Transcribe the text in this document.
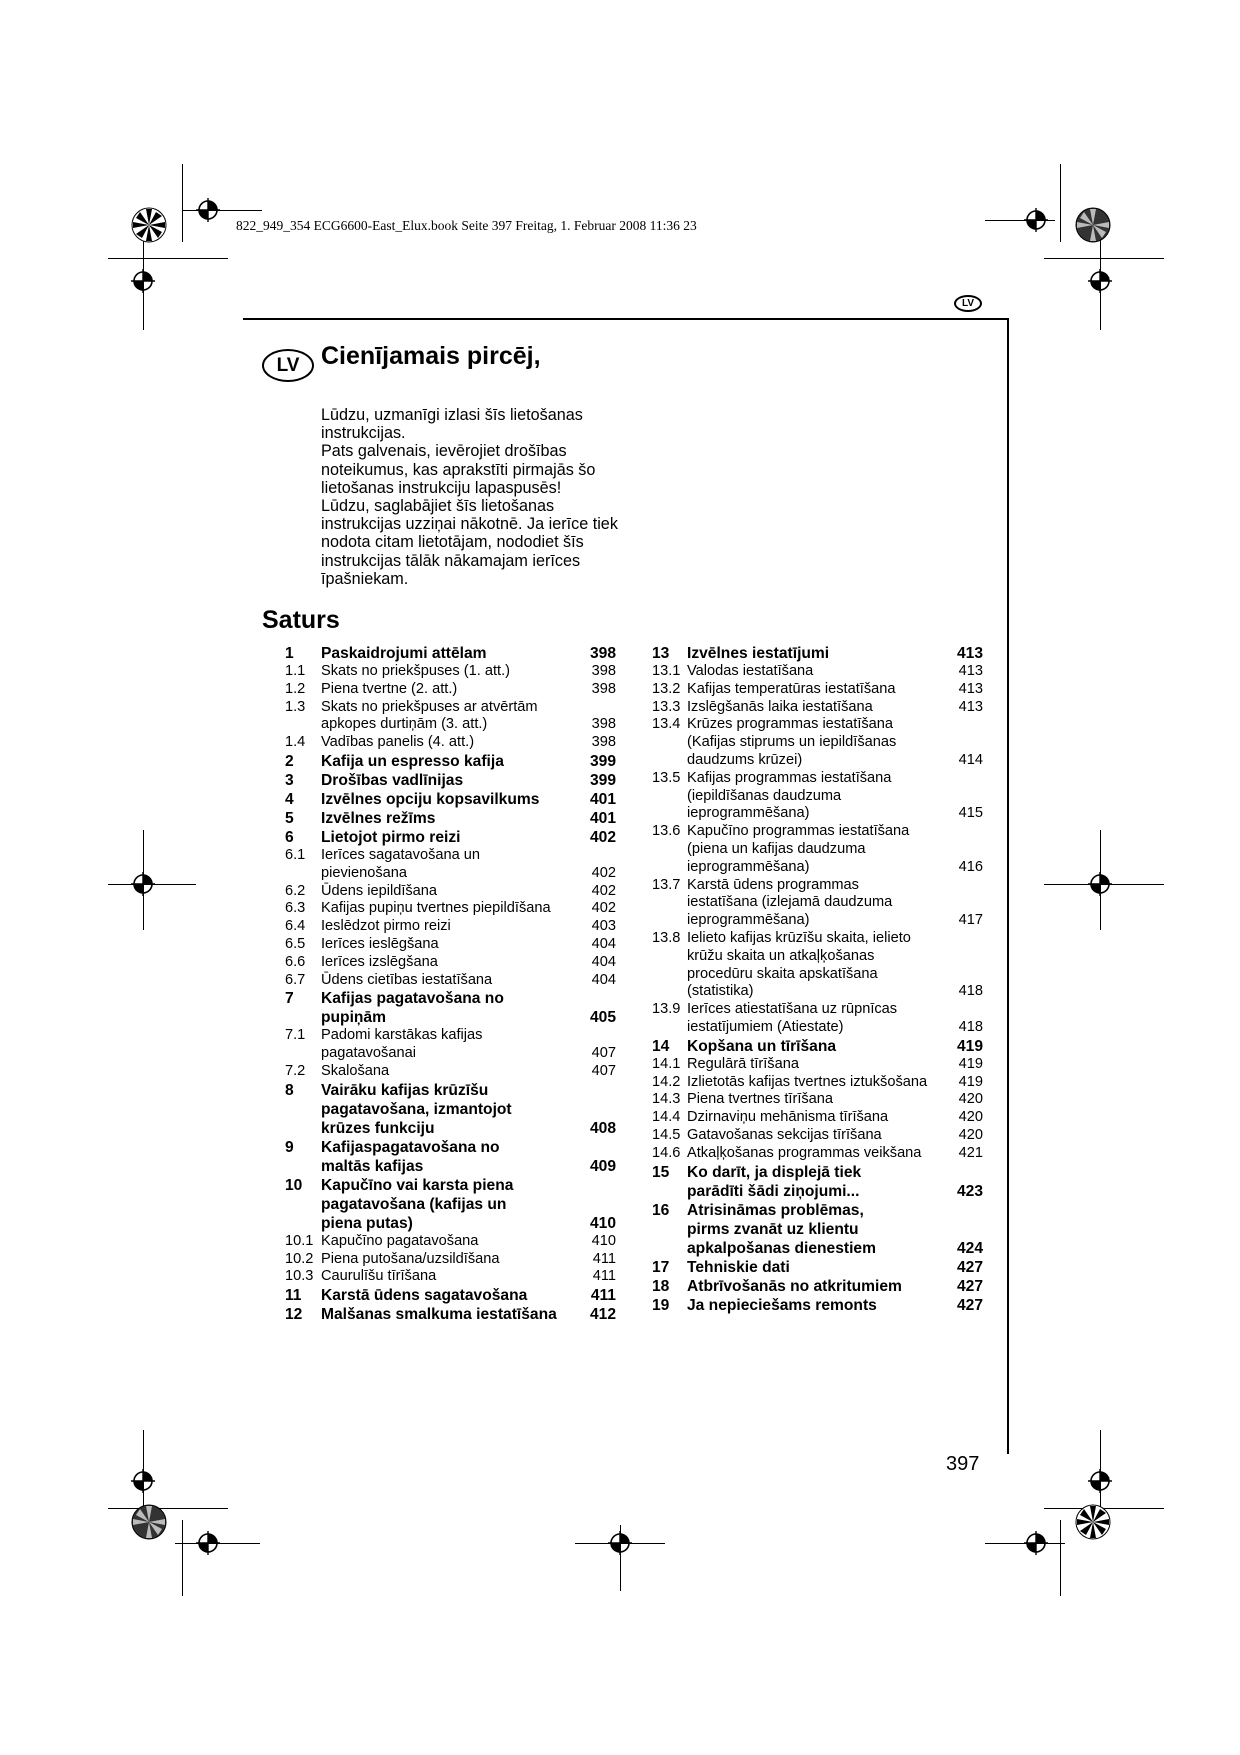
822_949_354 ECG6600-East_Elux.book Seite 397 Freitag, 1. Februar 2008 11:36 23
LV
LV Cienījamais pircēj,

Lūdzu, uzmanīgi izlasi šīs lietošanas instrukcijas.

Pats galvenais, ievērojiet drošības noteikumus, kas aprakstīti pirmajās šo lietošanas instrukciju lapaspusēs!

Lūdzu, saglabājiet šīs lietošanas instrukcijas uzziņai nākotnē. Ja ierīce tiek nodota citam lietotājam, nododiet šīs instrukcijas tālāk nākamajam ierīces īpašniekam.

Saturs
1 Paskaidrojumi attēlam	398
1.1 Skats no priekšpuses (1. att.)	398
1.2 Piena tvertne (2. att.)	398
1.3 Skats no priekšpuses ar atvērtām
apkopes durtiņām (3. att.)	398
1.4 Vadības panelis (4. att.)	398
2 Kafija un espresso kafija	399
3 Drošības vadlīnijas	399
4 Izvēlnes opciju kopsavilkums	401
5 Izvēlnes režīms	401
6 Lietojot pirmo reizi	402
6.1 Ierīces sagatavošana un
pievienošana	402
6.2 Ūdens iepildīšana	402
6.3 Kafijas pupiņu tvertnes piepildīšana	402
6.4 Ieslēdzot pirmo reizi	403
6.5 Ierīces ieslēgšana	404
6.6 Ierīces izslēgšana	404
6.7 Ūdens cietības iestatīšana	404
7 Kafijas pagatavošana no
pupiņām	405
7.1 Padomi karstākas kafijas
pagatavošanai	407
7.2 Skalošana	407
8 Vairāku kafijas krūzīšu
pagatavošana, izmantojot
krūzes funkciju	408
9 Kafijaspagatavošana no
maltās kafijas	409
10 Kapučīno vai karsta piena
pagatavošana (kafijas un
piena putas)	410
10.1 Kapučīno pagatavošana	410
10.2 Piena putošana/uzsildīšana	411
10.3 Caurulīšu tīrīšana	411
11 Karstā ūdens sagatavošana	411
12 Malšanas smalkuma iestatīšana	412
13 Izvēlnes iestatījumi	413
13.1 Valodas iestatīšana	413
13.2 Kafijas temperatūras iestatīšana	413
13.3 Izslēgšanās laika iestatīšana	413
13.4 Krūzes programmas iestatīšana
(Kafijas stiprums un iepildīšanas
daudzums krūzei)	414
13.5 Kafijas programmas iestatīšana
(iepildīšanas daudzuma
ieprogrammēšana)	415
13.6 Kapučīno programmas iestatīšana
(piena un kafijas daudzuma
ieprogrammēšana)	416
13.7 Karstā ūdens programmas
iestatīšana (izlejamā daudzuma
ieprogrammēšana)	417
13.8 Ielieto kafijas krūzīšu skaita, ielieto
krūžu skaita un atkaļķošanas
procedūru skaita apskatīšana
(statistika)	418
13.9 Ierīces atiestatīšana uz rūpnīcas
iestatījumiem (Atiestate)	418
14 Kopšana un tīrīšana	419
14.1 Regulārā tīrīšana	419
14.2 Izlietotās kafijas tvertnes iztukšošana	419
14.3 Piena tvertnes tīrīšana	420
14.4 Dzirnaviņu mehānisma tīrīšana	420
14.5 Gatavošanas sekcijas tīrīšana	420
14.6 Atkaļķošanas programmas veikšana	421
15 Ko darīt, ja displejā tiek
parādīti šādi ziņojumi...	423
16 Atrisināmas problēmas,
pirms zvanāt uz klientu
apkalpošanas dienestiem	424
17 Tehniskie dati	427
18 Atbrīvošanās no atkritumiem	427
19 Ja nepieciešams remonts	427
397
